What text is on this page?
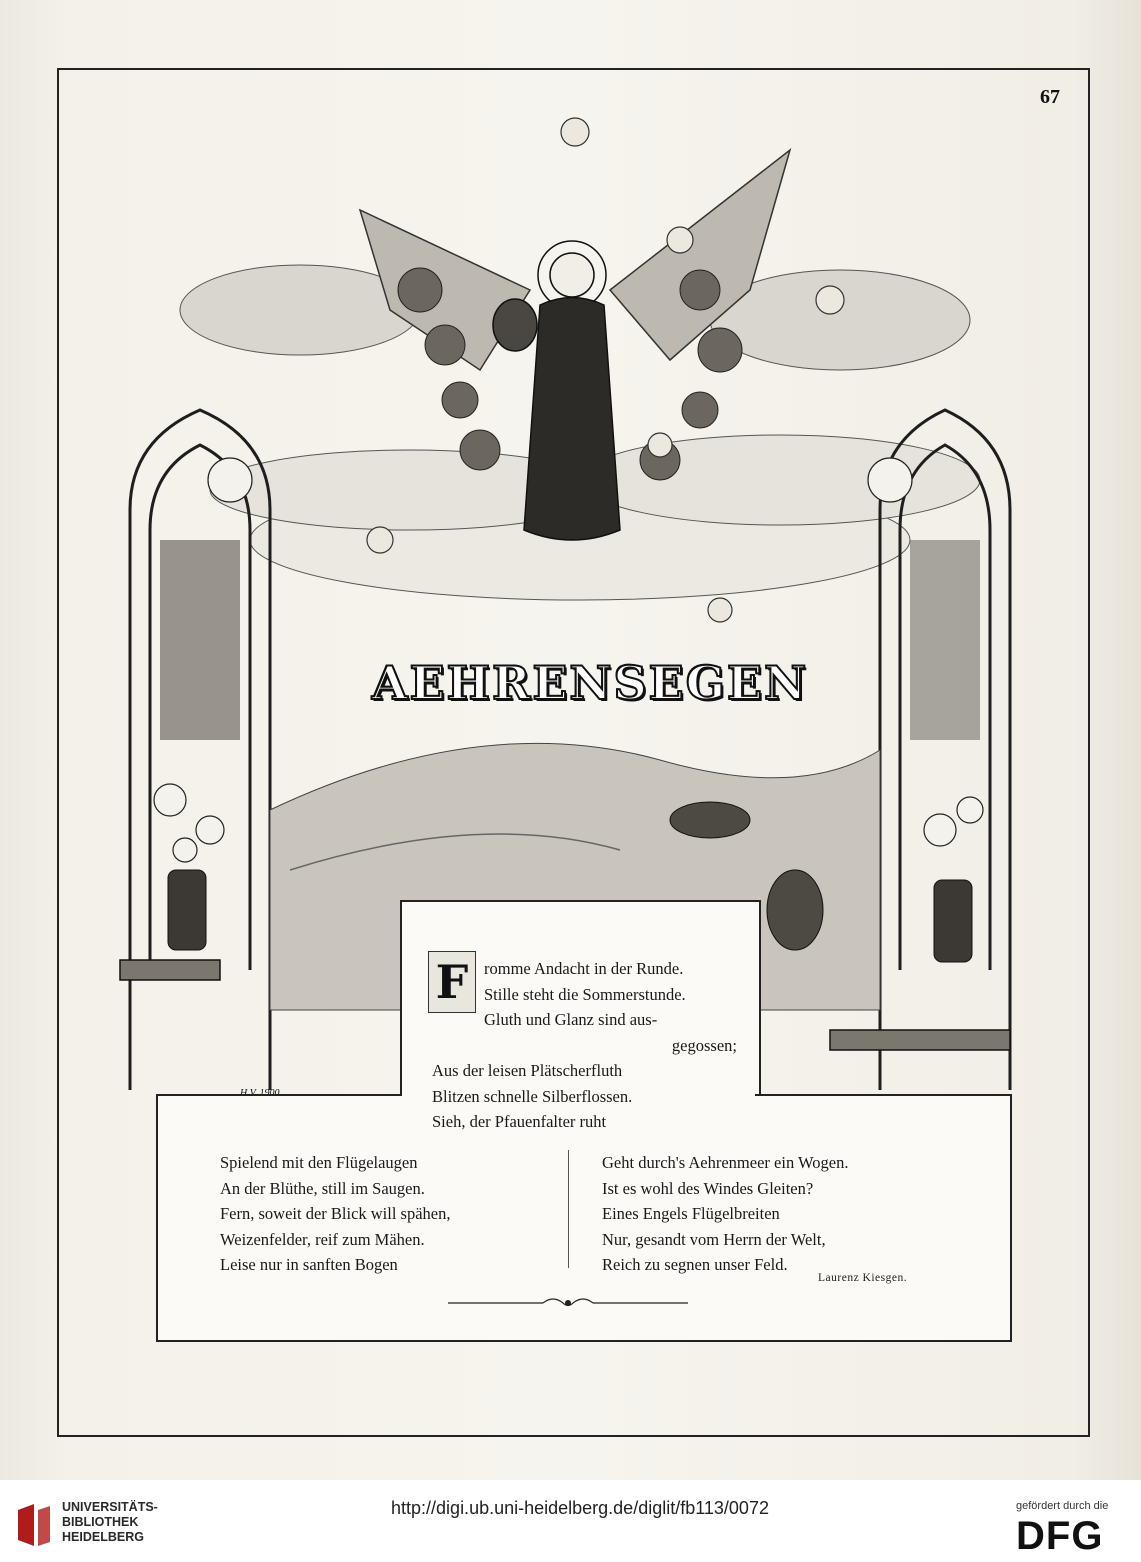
67
AEHRENSEGEN
F romme Andacht in der Runde.
Stille steht die Sommerstunde.
Gluth und Glanz sind aus-
gegossen;
Aus der leisen Plätscherfluth
Blitzen schnelle Silberflossen.
Sieh, der Pfauenfalter ruht
Spielend mit den Flügelaugen
An der Blüthe, still im Saugen.
Fern, soweit der Blick will spähen,
Weizenfelder, reif zum Mähen.
Leise nur in sanften Bogen
Geht durch's Aehrenmeer ein Wogen.
Ist es wohl des Windes Gleiten?
Eines Engels Flügelbreiten
Nur, gesandt vom Herrn der Welt,
Reich zu segnen unser Feld.
Laurenz Kiesgen.
UNIVERSITÄTS-
BIBLIOTHEK
HEIDELBERG
http://digi.ub.uni-heidelberg.de/diglit/fb113/0072	gefördert durch die
DFG
